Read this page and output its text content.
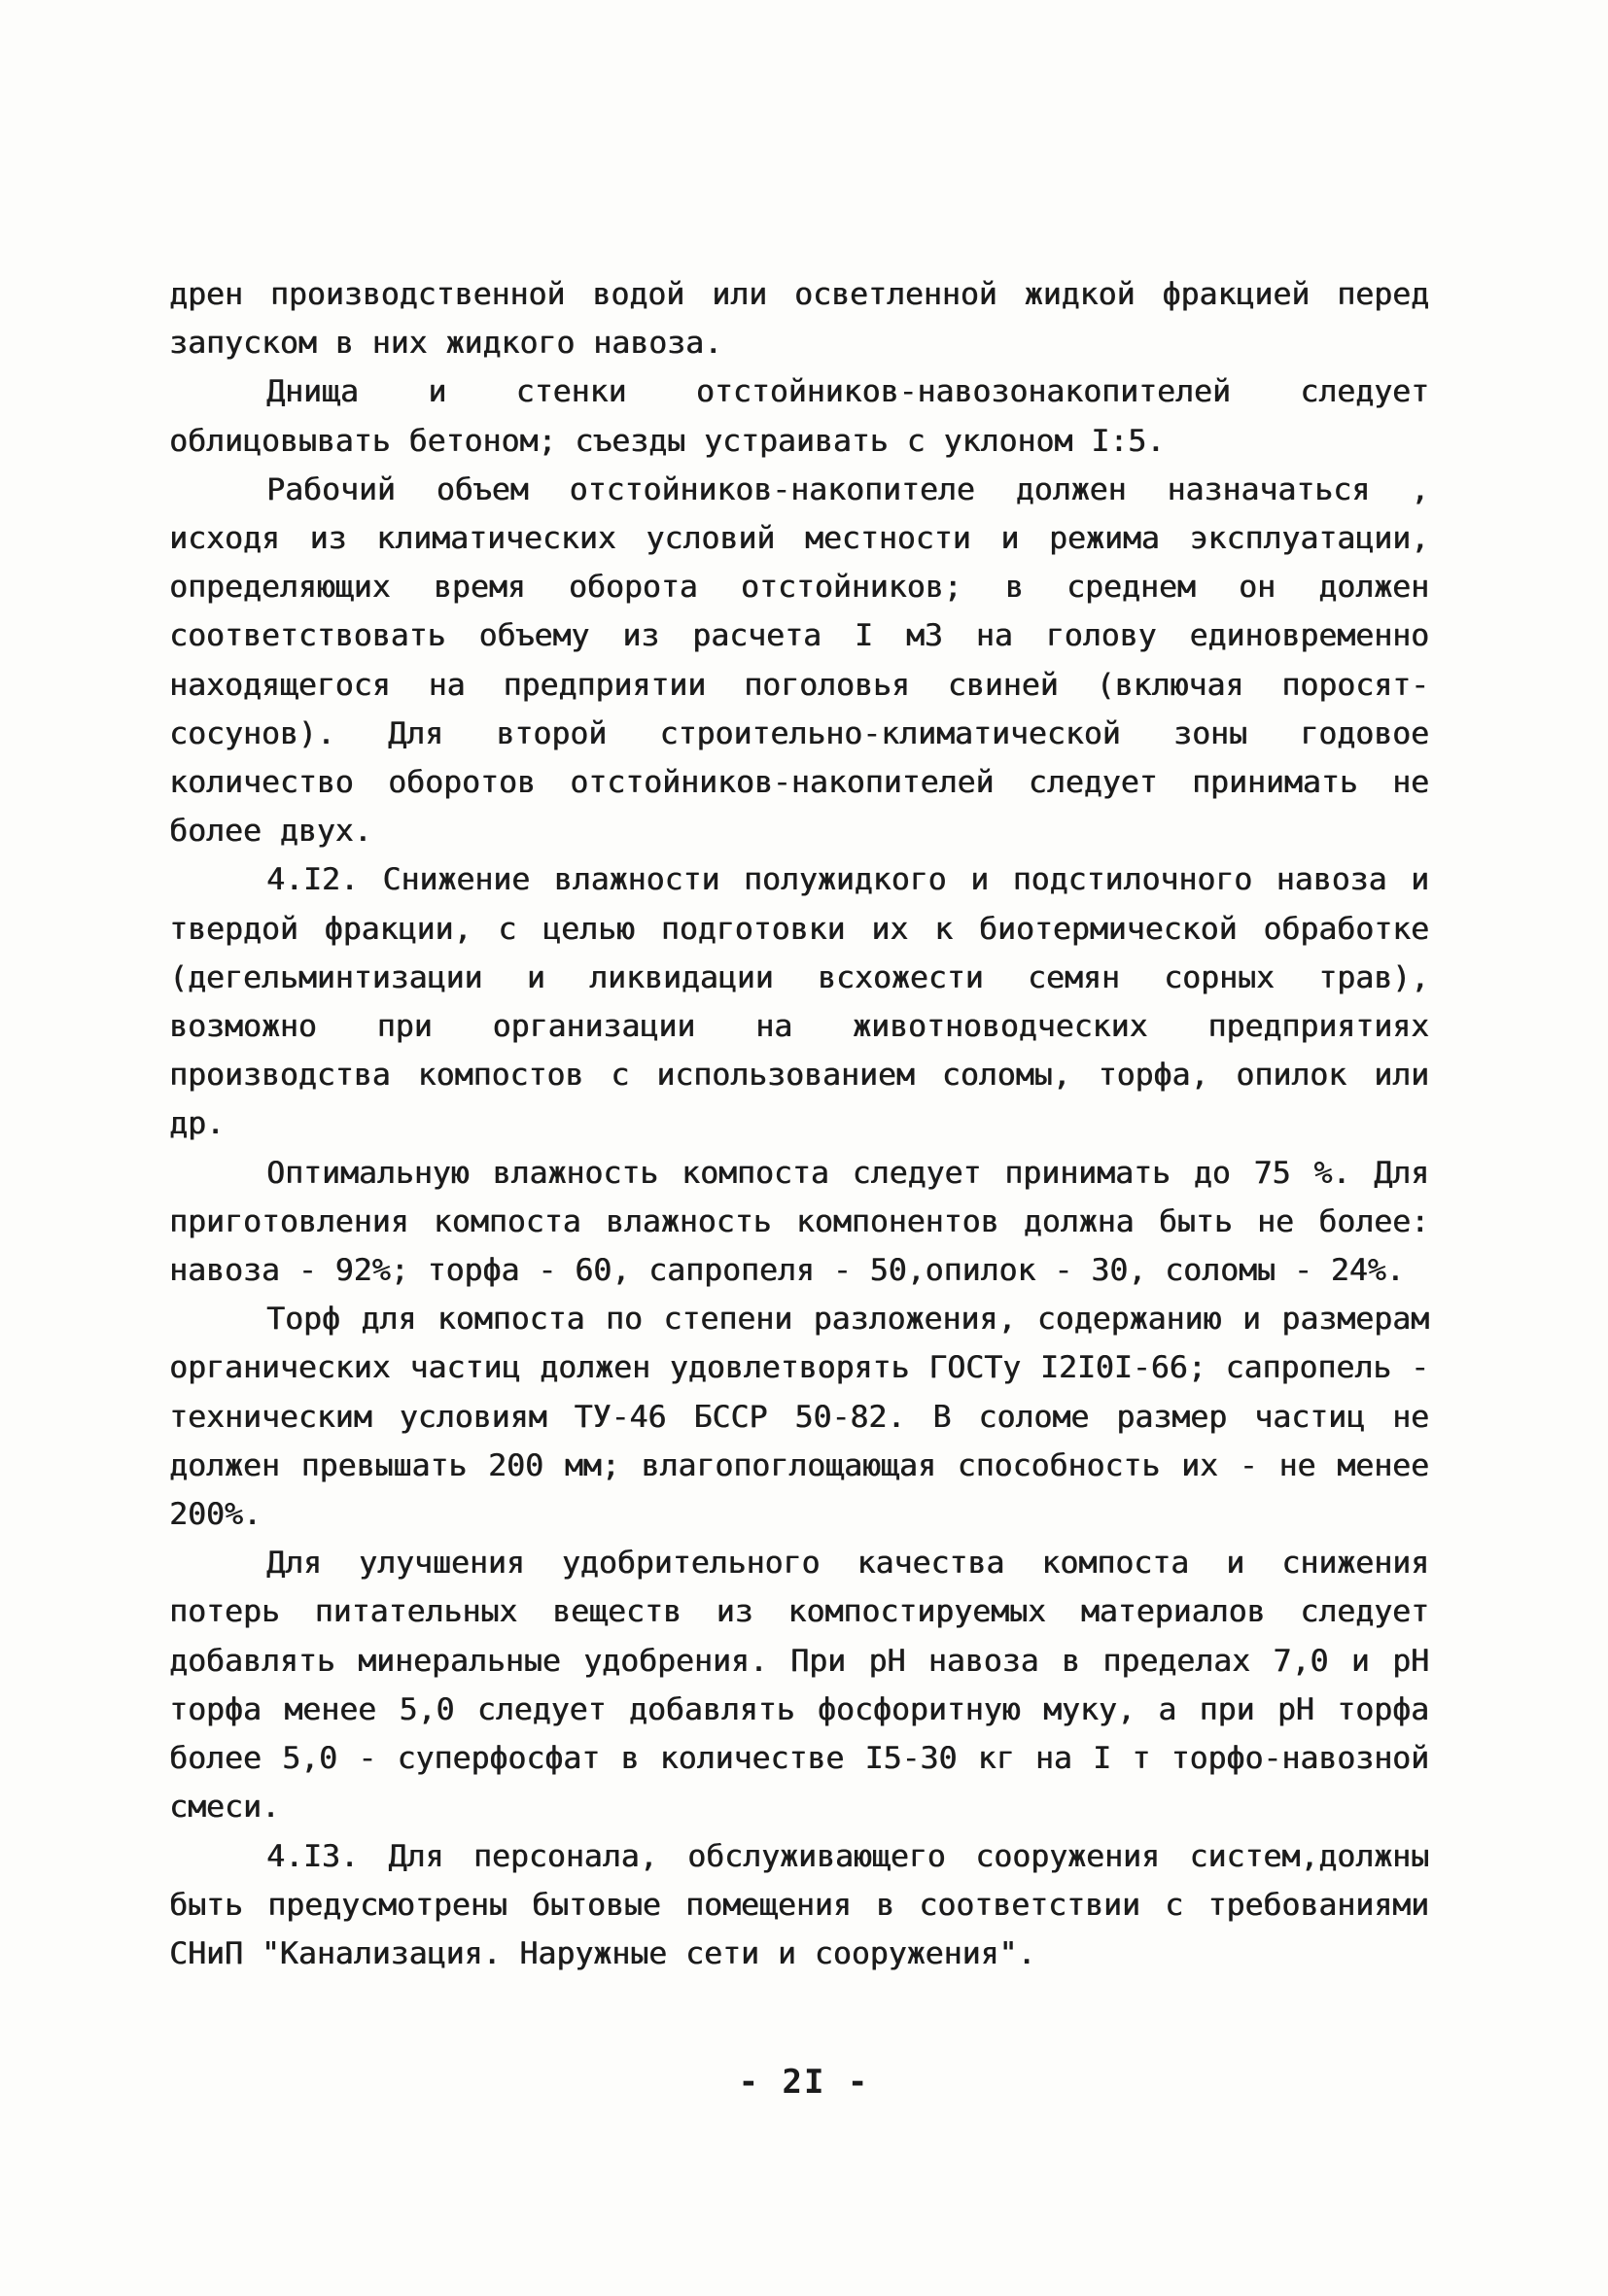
дрен производственной водой или осветленной жидкой фракцией перед запуском в них жидкого навоза.

Днища и стенки отстойников-навозонакопителей следует облицовывать бетоном; съезды устраивать с уклоном I:5.

Рабочий объем отстойников-накопителе должен назначаться , исходя из климатических условий местности и режима эксплуатации, определяющих время оборота отстойников; в среднем он должен соответствовать объему из расчета I м3 на голову единовременно находящегося на предприятии поголовья свиней (включая поросят-сосунов). Для второй строительно-климатической зоны годовое количество оборотов отстойников-накопителей следует принимать не более двух.

4.I2. Снижение влажности полужидкого и подстилочного навоза и твердой фракции, с целью подготовки их к биотермической обработке (дегельминтизации и ликвидации всхожести семян сорных трав), возможно при организации на животноводческих предприятиях производства компостов с использованием соломы, торфа, опилок или др.

Оптимальную влажность компоста следует принимать до 75 %. Для приготовления компоста влажность компонентов должна быть не более: навоза - 92%; торфа - 60, сапропеля - 50,опилок - 30, соломы - 24%.

Торф для компоста по степени разложения, содержанию и размерам органических частиц должен удовлетворять ГОСТу I2I0I-66; сапропель - техническим условиям ТУ-46 БССР 50-82. В соломе размер частиц не должен превышать 200 мм; влагопоглощающая способность их - не менее 200%.

Для улучшения удобрительного качества компоста и снижения потерь питательных веществ из компостируемых материалов следует добавлять минеральные удобрения. При рН навоза в пределах 7,0 и рН торфа менее 5,0 следует добавлять фосфоритную муку, а при рН торфа более 5,0 - суперфосфат в количестве I5-30 кг на I т торфо-навозной смеси.

4.I3. Для персонала, обслуживающего сооружения систем,должны быть предусмотрены бытовые помещения в соответствии с требованиями СНиП "Канализация. Наружные сети и сооружения".

- 2I -
